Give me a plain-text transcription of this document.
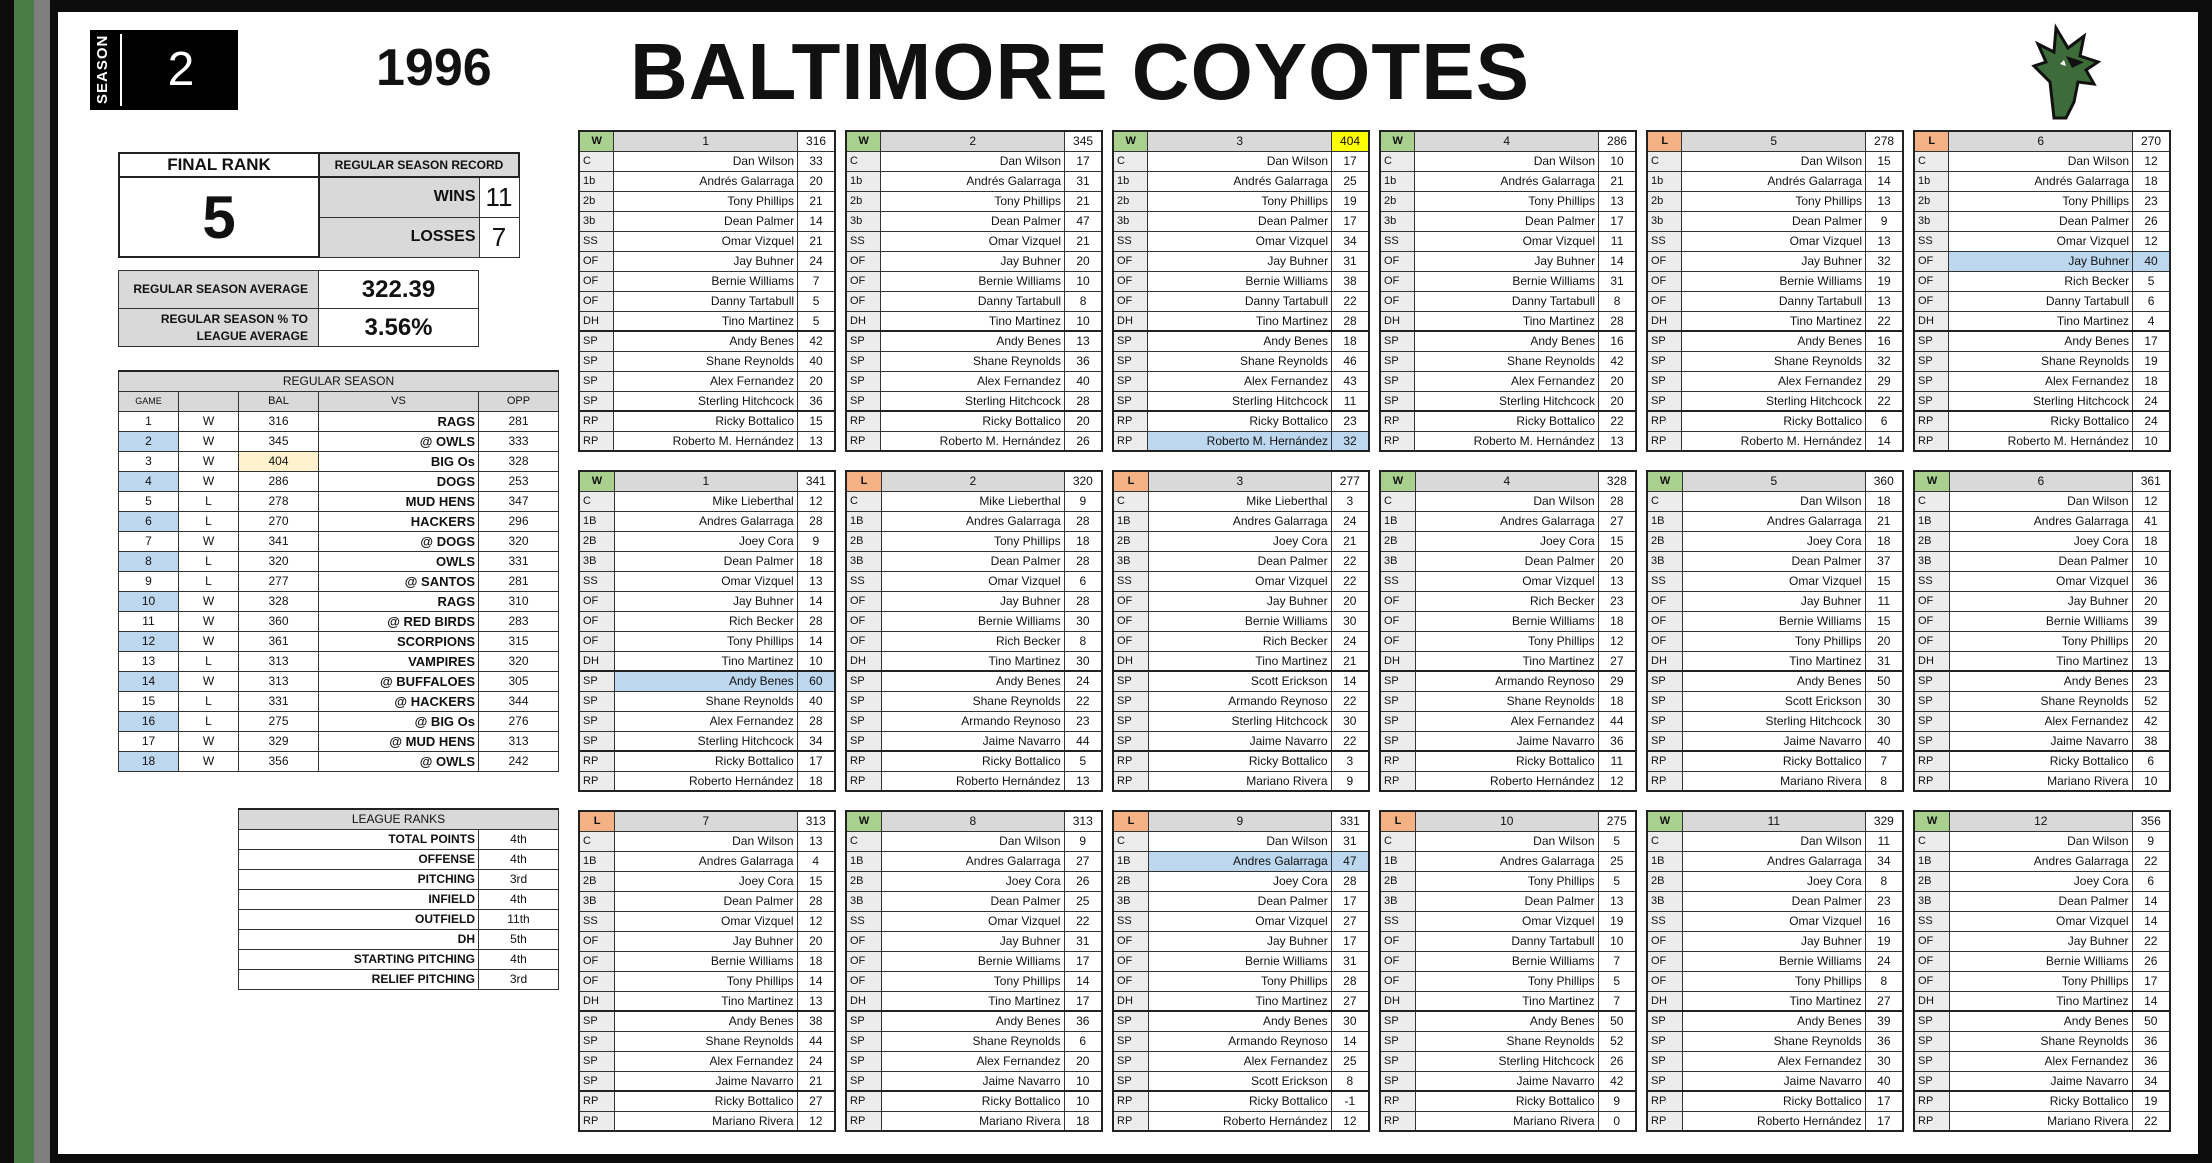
SEASON	2	1996 BALTIMORE COYOTES
FINAL RANK	REGULAR SEASON RECORD	
5	WINS	11
	LOSSES	7
REGULAR SEASON AVERAGE	322.39
REGULAR SEASON % TO LEAGUE AVERAGE	3.56%
REGULAR SEASON				
GAME		BAL	VS	OPP
1	W	316	RAGS	281
2	W	345	@ OWLS	333
3	W	404	BIG Os	328
4	W	286	DOGS	253
5	L	278	MUD HENS	347
6	L	270	HACKERS	296
7	W	341	@ DOGS	320
8	L	320	OWLS	331
9	L	277	@ SANTOS	281
10	W	328	RAGS	310
11	W	360	@ RED BIRDS	283
12	W	361	SCORPIONS	315
13	L	313	VAMPIRES	320
14	W	313	@ BUFFALOES	305
15	L	331	@ HACKERS	344
16	L	275	@ BIG Os	276
17	W	329	@ MUD HENS	313
18	W	356	@ OWLS	242
LEAGUE RANKS	
TOTAL POINTS	4th
OFFENSE	4th
PITCHING	3rd
INFIELD	4th
OUTFIELD	11th
DH	5th
STARTING PITCHING	4th
RELIEF PITCHING	3rd
W	1	316
C	Dan Wilson	33
1b	Andrés Galarraga	20
2b	Tony Phillips	21
3b	Dean Palmer	14
SS	Omar Vizquel	21
OF	Jay Buhner	24
OF	Bernie Williams	7
OF	Danny Tartabull	5
DH	Tino Martinez	5
SP	Andy Benes	42
SP	Shane Reynolds	40
SP	Alex Fernandez	20
SP	Sterling Hitchcock	36
RP	Ricky Bottalico	15
RP	Roberto M. Hernández	13
W	2	345
C	Dan Wilson	17
1b	Andrés Galarraga	31
2b	Tony Phillips	21
3b	Dean Palmer	47
SS	Omar Vizquel	21
OF	Jay Buhner	20
OF	Bernie Williams	10
OF	Danny Tartabull	8
DH	Tino Martinez	10
SP	Andy Benes	13
SP	Shane Reynolds	36
SP	Alex Fernandez	40
SP	Sterling Hitchcock	28
RP	Ricky Bottalico	20
RP	Roberto M. Hernández	26
W	3	404
C	Dan Wilson	17
1b	Andrés Galarraga	25
2b	Tony Phillips	19
3b	Dean Palmer	17
SS	Omar Vizquel	34
OF	Jay Buhner	31
OF	Bernie Williams	38
OF	Danny Tartabull	22
DH	Tino Martinez	28
SP	Andy Benes	18
SP	Shane Reynolds	46
SP	Alex Fernandez	43
SP	Sterling Hitchcock	11
RP	Ricky Bottalico	23
RP	Roberto M. Hernández	32
W	4	286
C	Dan Wilson	10
1b	Andrés Galarraga	21
2b	Tony Phillips	13
3b	Dean Palmer	17
SS	Omar Vizquel	11
OF	Jay Buhner	14
OF	Bernie Williams	31
OF	Danny Tartabull	8
DH	Tino Martinez	28
SP	Andy Benes	16
SP	Shane Reynolds	42
SP	Alex Fernandez	20
SP	Sterling Hitchcock	20
RP	Ricky Bottalico	22
RP	Roberto M. Hernández	13
L	5	278
C	Dan Wilson	15
1b	Andrés Galarraga	14
2b	Tony Phillips	13
3b	Dean Palmer	9
SS	Omar Vizquel	13
OF	Jay Buhner	32
OF	Bernie Williams	19
OF	Danny Tartabull	13
DH	Tino Martinez	22
SP	Andy Benes	16
SP	Shane Reynolds	32
SP	Alex Fernandez	29
SP	Sterling Hitchcock	22
RP	Ricky Bottalico	6
RP	Roberto M. Hernández	14
L	6	270
C	Dan Wilson	12
1b	Andrés Galarraga	18
2b	Tony Phillips	23
3b	Dean Palmer	26
SS	Omar Vizquel	12
OF	Jay Buhner	40
OF	Rich Becker	5
OF	Danny Tartabull	6
DH	Tino Martinez	4
SP	Andy Benes	17
SP	Shane Reynolds	19
SP	Alex Fernandez	18
SP	Sterling Hitchcock	24
RP	Ricky Bottalico	24
RP	Roberto M. Hernández	10
W	1	341
C	Mike Lieberthal	12
1B	Andres Galarraga	28
2B	Joey Cora	9
3B	Dean Palmer	18
SS	Omar Vizquel	13
OF	Jay Buhner	14
OF	Rich Becker	28
OF	Tony Phillips	14
DH	Tino Martinez	10
SP	Andy Benes	60
SP	Shane Reynolds	40
SP	Alex Fernandez	28
SP	Sterling Hitchcock	34
RP	Ricky Bottalico	17
RP	Roberto Hernández	18
L	2	320
C	Mike Lieberthal	9
1B	Andres Galarraga	28
2B	Tony Phillips	18
3B	Dean Palmer	28
SS	Omar Vizquel	6
OF	Jay Buhner	28
OF	Bernie Williams	30
OF	Rich Becker	8
DH	Tino Martinez	30
SP	Andy Benes	24
SP	Shane Reynolds	22
SP	Armando Reynoso	23
SP	Jaime Navarro	44
RP	Ricky Bottalico	5
RP	Roberto Hernández	13
L	3	277
C	Mike Lieberthal	3
1B	Andres Galarraga	24
2B	Joey Cora	21
3B	Dean Palmer	22
SS	Omar Vizquel	22
OF	Jay Buhner	20
OF	Bernie Williams	30
OF	Rich Becker	24
DH	Tino Martinez	21
SP	Scott Erickson	14
SP	Armando Reynoso	22
SP	Sterling Hitchcock	30
SP	Jaime Navarro	22
RP	Ricky Bottalico	3
RP	Mariano Rivera	9
W	4	328
C	Dan Wilson	28
1B	Andres Galarraga	27
2B	Joey Cora	15
3B	Dean Palmer	20
SS	Omar Vizquel	13
OF	Rich Becker	23
OF	Bernie Williams	18
OF	Tony Phillips	12
DH	Tino Martinez	27
SP	Armando Reynoso	29
SP	Shane Reynolds	18
SP	Alex Fernandez	44
SP	Jaime Navarro	36
RP	Ricky Bottalico	11
RP	Roberto Hernández	12
W	5	360
C	Dan Wilson	18
1B	Andres Galarraga	21
2B	Joey Cora	18
3B	Dean Palmer	37
SS	Omar Vizquel	15
OF	Jay Buhner	11
OF	Bernie Williams	15
OF	Tony Phillips	20
DH	Tino Martinez	31
SP	Andy Benes	50
SP	Scott Erickson	30
SP	Sterling Hitchcock	30
SP	Jaime Navarro	40
RP	Ricky Bottalico	7
RP	Mariano Rivera	8
W	6	361
C	Dan Wilson	12
1B	Andres Galarraga	41
2B	Joey Cora	18
3B	Dean Palmer	10
SS	Omar Vizquel	36
OF	Jay Buhner	20
OF	Bernie Williams	39
OF	Tony Phillips	20
DH	Tino Martinez	13
SP	Andy Benes	23
SP	Shane Reynolds	52
SP	Alex Fernandez	42
SP	Jaime Navarro	38
RP	Ricky Bottalico	6
RP	Mariano Rivera	10
L	7	313
C	Dan Wilson	13
1B	Andres Galarraga	4
2B	Joey Cora	15
3B	Dean Palmer	28
SS	Omar Vizquel	12
OF	Jay Buhner	20
OF	Bernie Williams	18
OF	Tony Phillips	14
DH	Tino Martinez	13
SP	Andy Benes	38
SP	Shane Reynolds	44
SP	Alex Fernandez	24
SP	Jaime Navarro	21
RP	Ricky Bottalico	27
RP	Mariano Rivera	12
W	8	313
C	Dan Wilson	9
1B	Andres Galarraga	27
2B	Joey Cora	26
3B	Dean Palmer	25
SS	Omar Vizquel	22
OF	Jay Buhner	31
OF	Bernie Williams	17
OF	Tony Phillips	14
DH	Tino Martinez	17
SP	Andy Benes	36
SP	Shane Reynolds	6
SP	Alex Fernandez	20
SP	Jaime Navarro	10
RP	Ricky Bottalico	10
RP	Mariano Rivera	18
L	9	331
C	Dan Wilson	31
1B	Andres Galarraga	47
2B	Joey Cora	28
3B	Dean Palmer	17
SS	Omar Vizquel	27
OF	Jay Buhner	17
OF	Bernie Williams	31
OF	Tony Phillips	28
DH	Tino Martinez	27
SP	Andy Benes	30
SP	Armando Reynoso	14
SP	Alex Fernandez	25
SP	Scott Erickson	8
RP	Ricky Bottalico	-1
RP	Roberto Hernández	12
L	10	275
C	Dan Wilson	5
1B	Andres Galarraga	25
2B	Tony Phillips	5
3B	Dean Palmer	13
SS	Omar Vizquel	19
OF	Danny Tartabull	10
OF	Bernie Williams	7
OF	Tony Phillips	5
DH	Tino Martinez	7
SP	Andy Benes	50
SP	Shane Reynolds	52
SP	Sterling Hitchcock	26
SP	Jaime Navarro	42
RP	Ricky Bottalico	9
RP	Mariano Rivera	0
W	11	329
C	Dan Wilson	11
1B	Andres Galarraga	34
2B	Joey Cora	8
3B	Dean Palmer	23
SS	Omar Vizquel	16
OF	Jay Buhner	19
OF	Bernie Williams	24
OF	Tony Phillips	8
DH	Tino Martinez	27
SP	Andy Benes	39
SP	Shane Reynolds	36
SP	Alex Fernandez	30
SP	Jaime Navarro	40
RP	Ricky Bottalico	17
RP	Roberto Hernández	17
W	12	356
C	Dan Wilson	9
1B	Andres Galarraga	22
2B	Joey Cora	6
3B	Dean Palmer	14
SS	Omar Vizquel	14
OF	Jay Buhner	22
OF	Bernie Williams	26
OF	Tony Phillips	17
DH	Tino Martinez	14
SP	Andy Benes	50
SP	Shane Reynolds	36
SP	Alex Fernandez	36
SP	Jaime Navarro	34
RP	Ricky Bottalico	19
RP	Mariano Rivera	22
